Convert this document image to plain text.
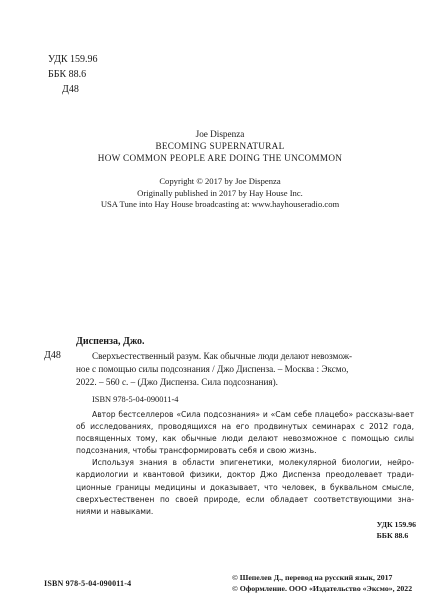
УДК 159.96
ББК 88.6
Д48
Joe Dispenza
BECOMING SUPERNATURAL
HOW COMMON PEOPLE ARE DOING THE UNCOMMON
Copyright © 2017 by Joe Dispenza
Originally published in 2017 by Hay House Inc.
USA Tune into Hay House broadcasting at: www.hayhouseradio.com
Диспенза, Джо.
Д48	Сверхъестественный разум. Как обычные люди делают невозмож-
ное с помощью силы подсознания / Джо Диспенза. – Москва : Эксмо,
2022. – 560 с. – (Джо Диспенза. Сила подсознания).
ISBN 978-5-04-090011-4
Автор бестселлеров «Сила подсознания» и «Сам себе плацебо» рассказы-вает об исследованиях, проводящихся на его продвинутых семинарах с 2012 года, посвященных тому, как обычные люди делают невозможное с помощью силы подсознания, чтобы трансформировать себя и свою жизнь.
Используя знания в области эпигенетики, молекулярной биологии, нейро-кардиологии и квантовой физики, доктор Джо Диспенза преодолевает тради-ционные границы медицины и доказывает, что человек, в буквальном смысле, сверхъестественен по своей природе, если обладает соответствующими зна-ниями и навыками.
УДК 159.96
ББК 88.6
ISBN 978-5-04-090011-4
© Шепелев Д., перевод на русский язык, 2017
© Оформление. ООО «Издательство «Эксмо», 2022
